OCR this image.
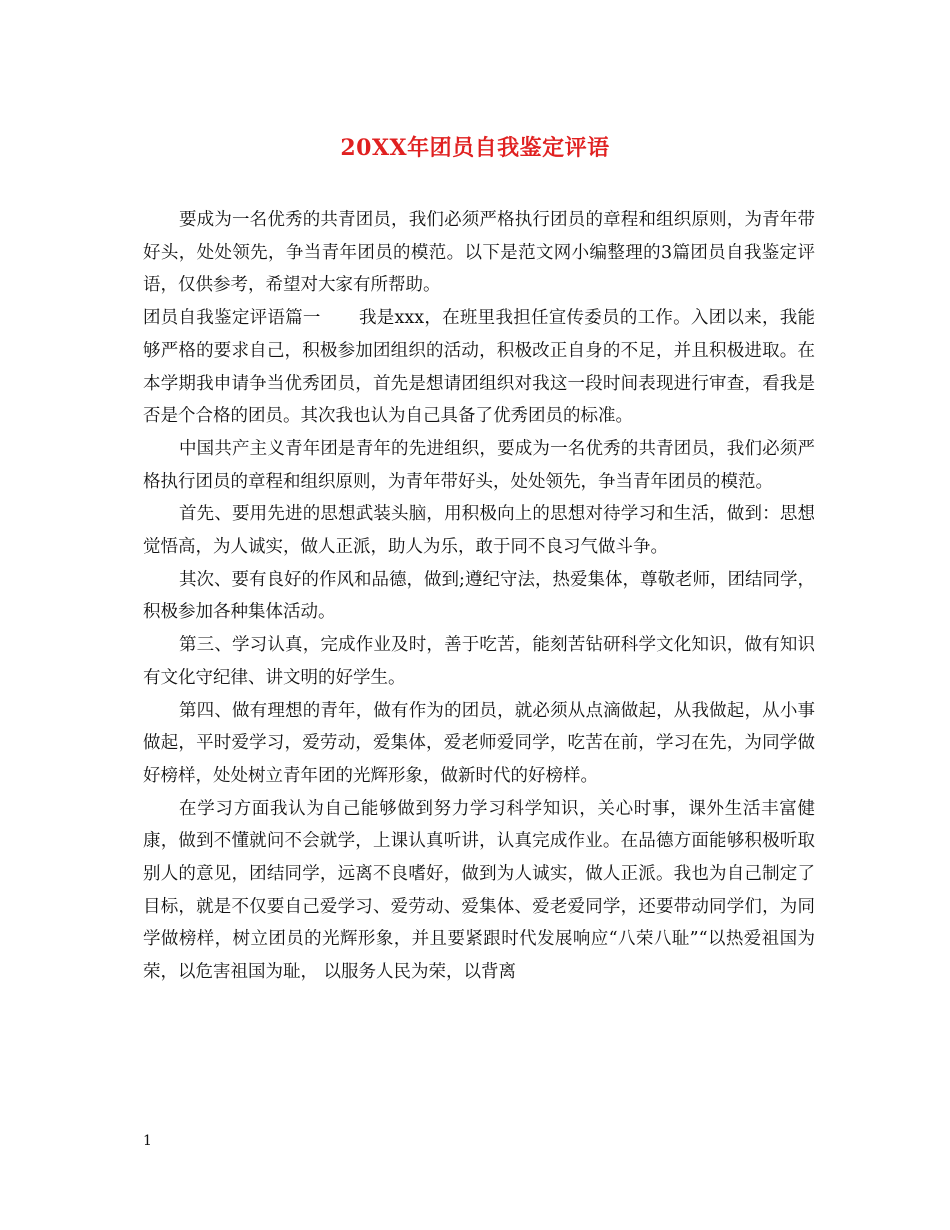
20XX年团员自我鉴定评语

要成为一名优秀的共青团员，我们必须严格执行团员的章程和组织原则，为青年带好头，处处领先，争当青年团员的模范。以下是范文网小编整理的3篇团员自我鉴定评语，仅供参考，希望对大家有所帮助。

团员自我鉴定评语篇一 我是xxx，在班里我担任宣传委员的工作。入团以来，我能够严格的要求自己，积极参加团组织的活动，积极改正自身的不足，并且积极进取。在本学期我申请争当优秀团员，首先是想请团组织对我这一段时间表现进行审查，看我是否是个合格的团员。其次我也认为自己具备了优秀团员的标准。

中国共产主义青年团是青年的先进组织，要成为一名优秀的共青团员，我们必须严格执行团员的章程和组织原则，为青年带好头，处处领先，争当青年团员的模范。

首先、要用先进的思想武装头脑，用积极向上的思想对待学习和生活，做到：思想觉悟高，为人诚实，做人正派，助人为乐，敢于同不良习气做斗争。

其次、要有良好的作风和品德，做到;遵纪守法，热爱集体，尊敬老师，团结同学，积极参加各种集体活动。

第三、学习认真，完成作业及时，善于吃苦，能刻苦钻研科学文化知识，做有知识有文化守纪律、讲文明的好学生。

第四、做有理想的青年，做有作为的团员，就必须从点滴做起，从我做起，从小事做起，平时爱学习，爱劳动，爱集体，爱老师爱同学，吃苦在前，学习在先，为同学做好榜样，处处树立青年团的光辉形象，做新时代的好榜样。

在学习方面我认为自己能够做到努力学习科学知识，关心时事，课外生活丰富健康，做到不懂就问不会就学，上课认真听讲，认真完成作业。在品德方面能够积极听取别人的意见，团结同学，远离不良嗜好，做到为人诚实，做人正派。我也为自己制定了目标，就是不仅要自己爱学习、爱劳动、爱集体、爱老爱同学，还要带动同学们，为同学做榜样，树立团员的光辉形象，并且要紧跟时代发展响应“八荣八耻”“以热爱祖国为荣，以危害祖国为耻， 以服务人民为荣，以背离

1
